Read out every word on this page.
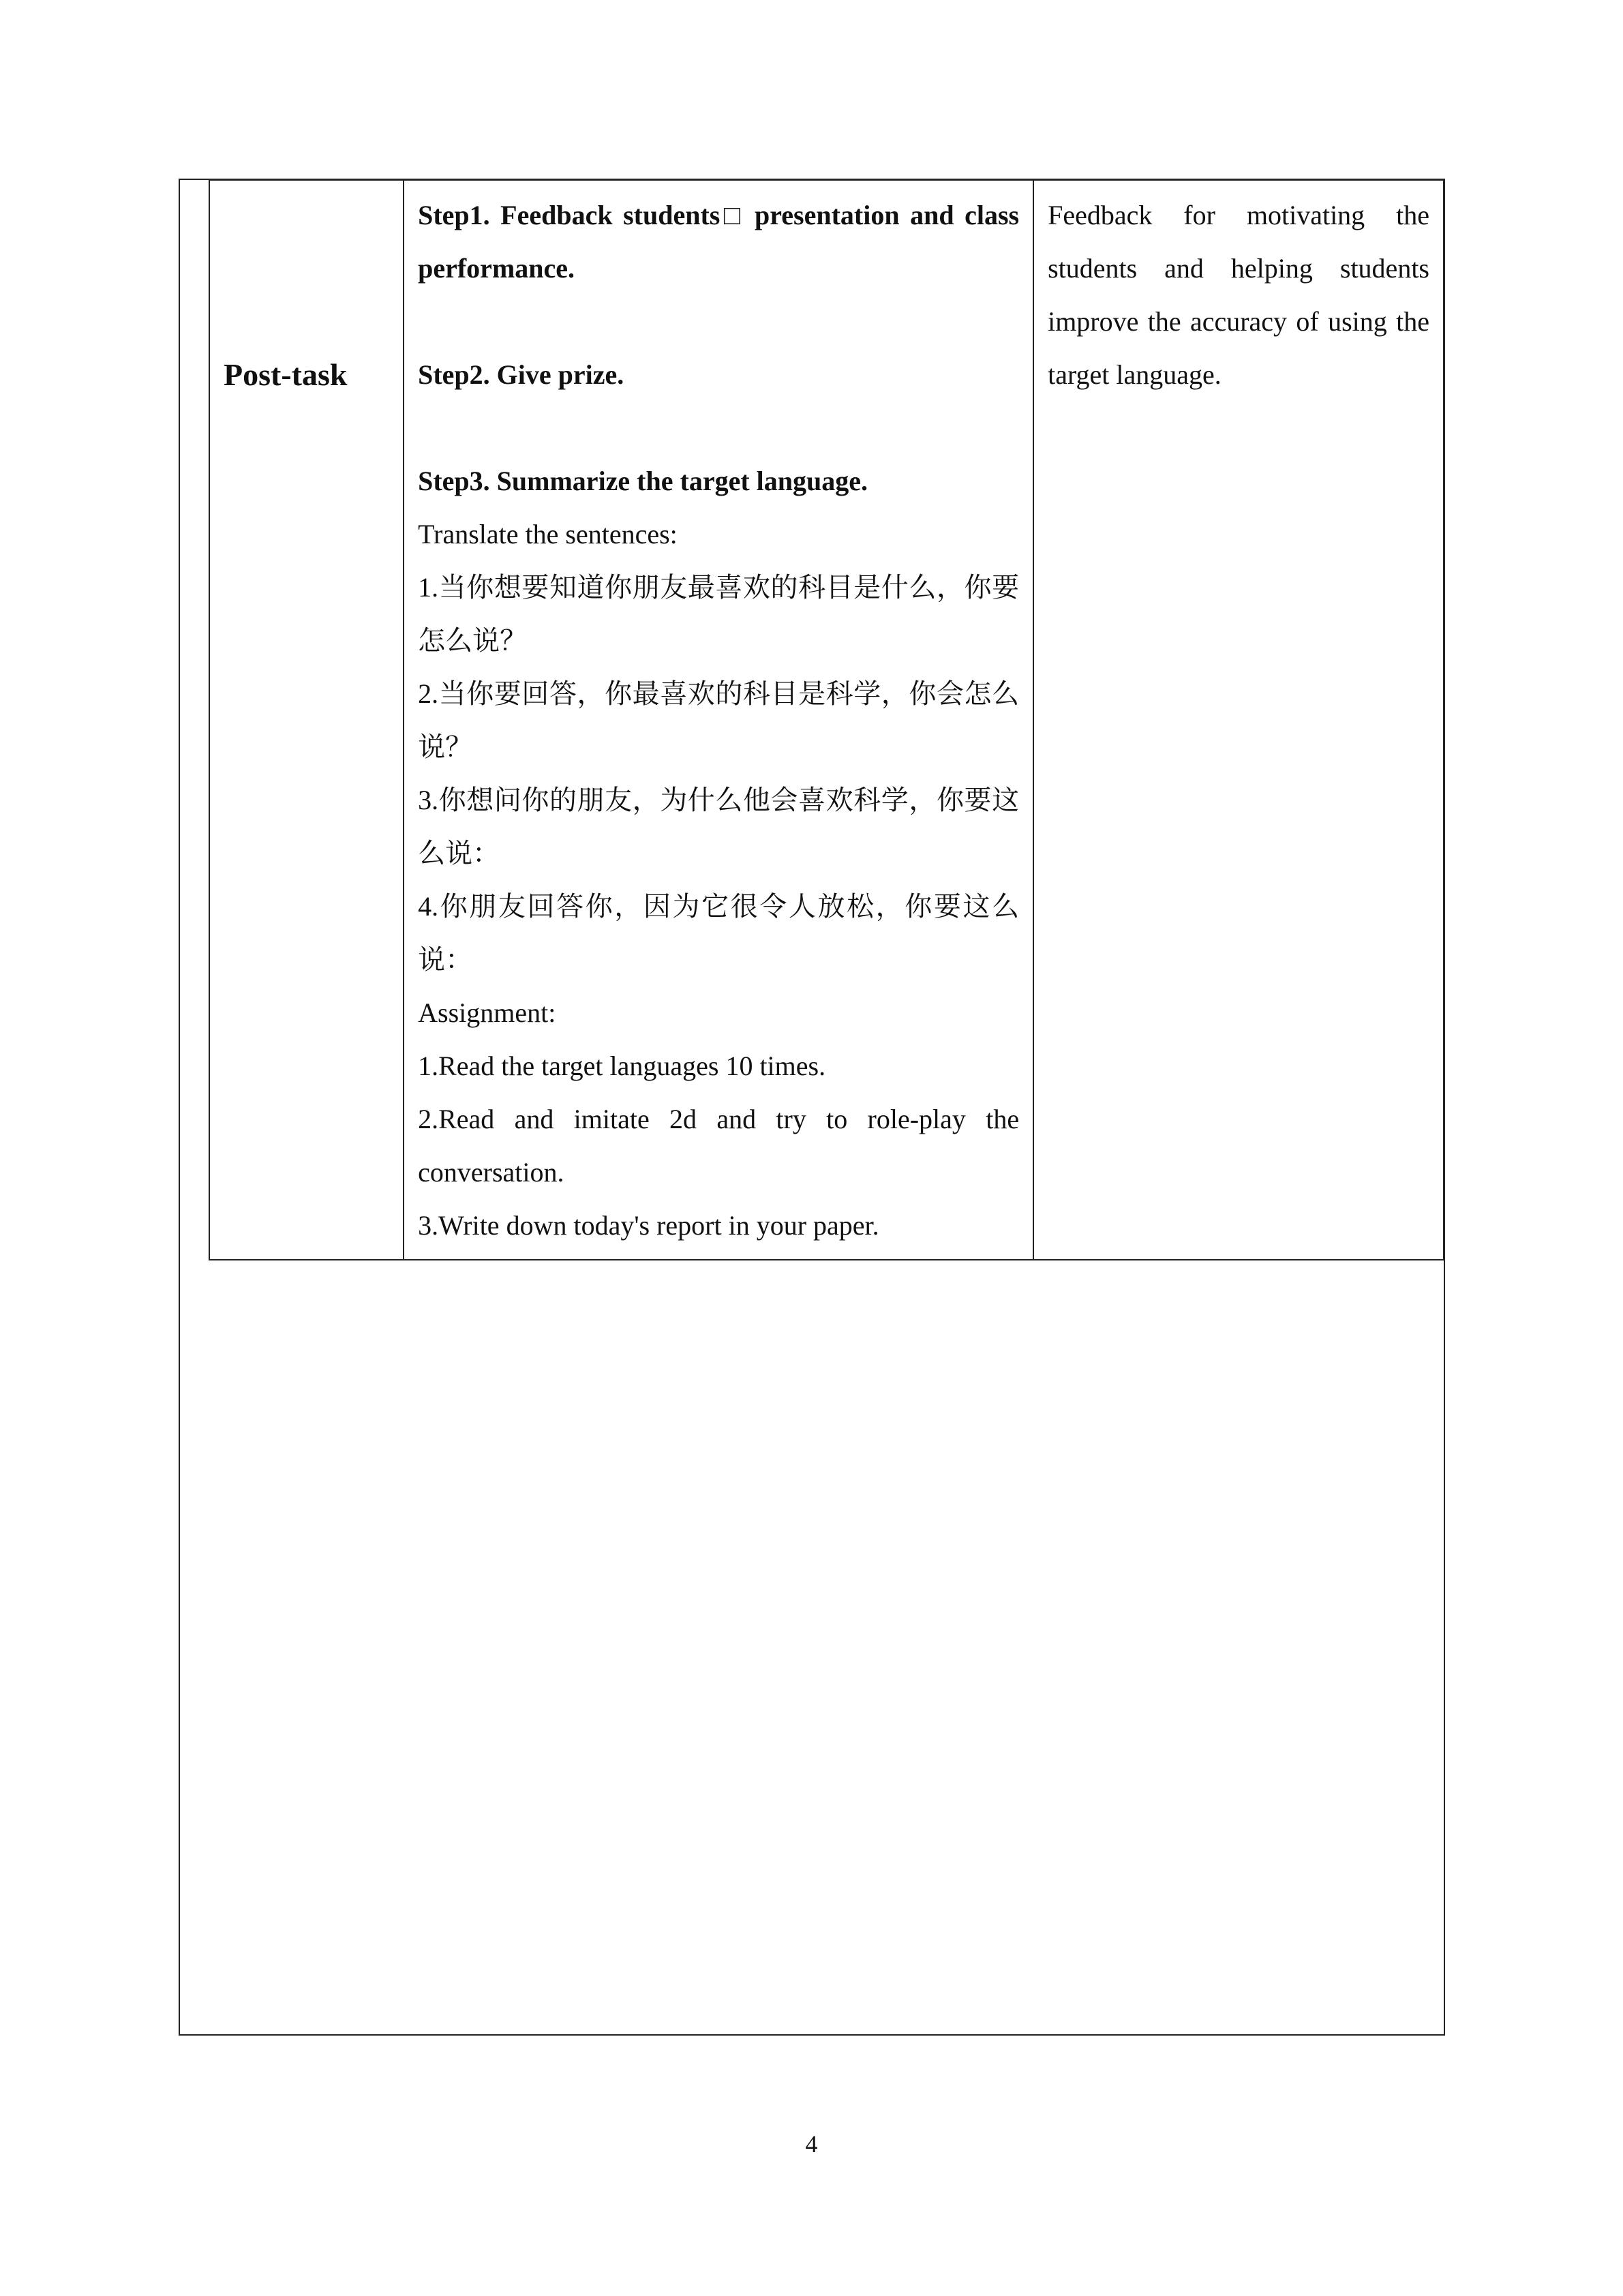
Post-task

Step1. Feedback students□ presentation and class performance.
Step2. Give prize.
Step3. Summarize the target language.
Translate the sentences:
1.当你想要知道你朋友最喜欢的科目是什么，你要怎么说？
2.当你要回答，你最喜欢的科目是科学，你会怎么说？
3.你想问你的朋友，为什么他会喜欢科学，你要这么说：
4.你朋友回答你，因为它很令人放松，你要这么说：
Assignment:
1.Read the target languages 10 times.
2.Read and imitate 2d and try to role-play the conversation.
3.Write down today's report in your paper.

Feedback for motivating the students and helping students improve the accuracy of using the target language.
4
